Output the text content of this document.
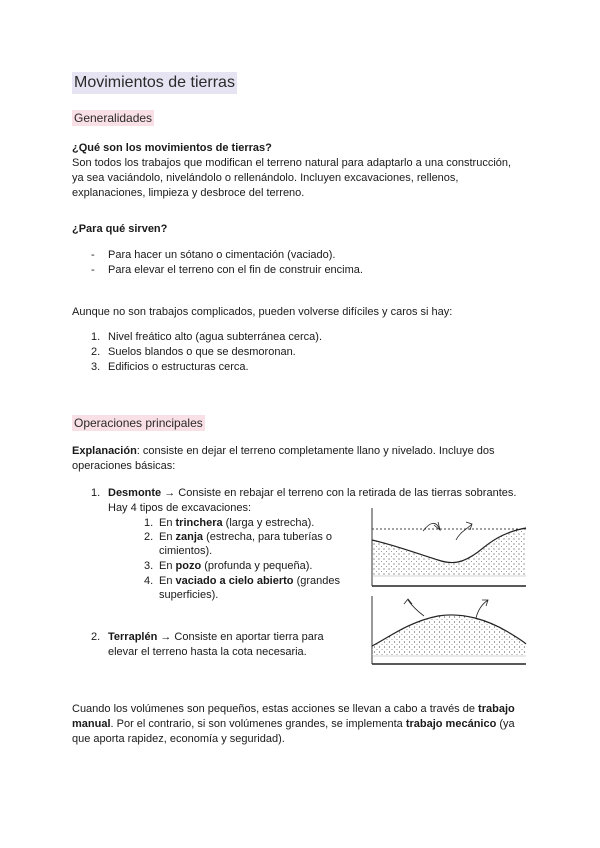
Movimientos de tierras
Generalidades
¿Qué son los movimientos de tierras?
Son todos los trabajos que modifican el terreno natural para adaptarlo a una construcción,
ya sea vaciándolo, nivelándolo o rellenándolo. Incluyen excavaciones, rellenos,
explanaciones, limpieza y desbroce del terreno.
¿Para qué sirven?
- Para hacer un sótano o cimentación (vaciado).
- Para elevar el terreno con el fin de construir encima.
Aunque no son trabajos complicados, pueden volverse difíciles y caros si hay:
1. Nivel freático alto (agua subterránea cerca).
2. Suelos blandos o que se desmoronan.
3. Edificios o estructuras cerca.
Operaciones principales
Explanación: consiste en dejar el terreno completamente llano y nivelado. Incluye dos
operaciones básicas:
1. Desmonte → Consiste en rebajar el terreno con la retirada de las tierras sobrantes.
Hay 4 tipos de excavaciones:
1. En trinchera (larga y estrecha).
2. En zanja (estrecha, para tuberías o
cimientos).
3. En pozo (profunda y pequeña).
4. En vaciado a cielo abierto (grandes
superficies).
2. Terraplén → Consiste en aportar tierra para
elevar el terreno hasta la cota necesaria.
Cuando los volúmenes son pequeños, estas acciones se llevan a cabo a través de trabajo
manual. Por el contrario, si son volúmenes grandes, se implementa trabajo mecánico (ya
que aporta rapidez, economía y seguridad).
